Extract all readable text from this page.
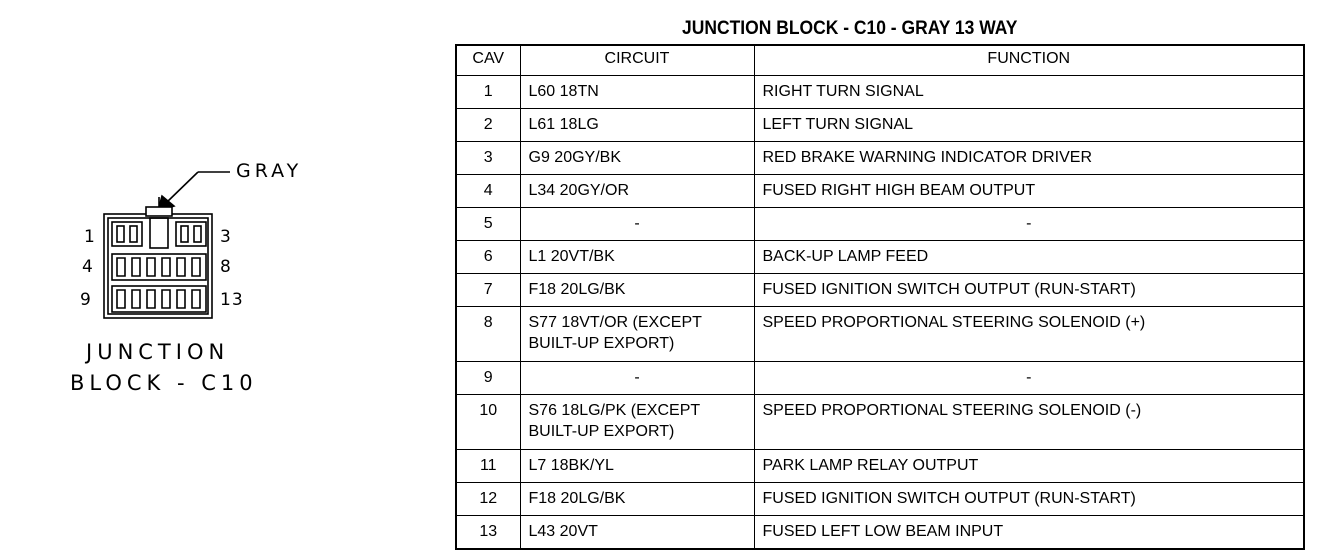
GRAY
1
4
9
3
8
13
JUNCTION
BLOCK - C10
JUNCTION BLOCK - C10 - GRAY 13 WAY
CAV	CIRCUIT	FUNCTION
1	L60 18TN	RIGHT TURN SIGNAL
2	L61 18LG	LEFT TURN SIGNAL
3	G9 20GY/BK	RED BRAKE WARNING INDICATOR DRIVER
4	L34 20GY/OR	FUSED RIGHT HIGH BEAM OUTPUT
5	-	-
6	L1 20VT/BK	BACK-UP LAMP FEED
7	F18 20LG/BK	FUSED IGNITION SWITCH OUTPUT (RUN-START)
8	S77 18VT/OR (EXCEPT
BUILT-UP EXPORT)	SPEED PROPORTIONAL STEERING SOLENOID (+)
9	-	-
10	S76 18LG/PK (EXCEPT
BUILT-UP EXPORT)	SPEED PROPORTIONAL STEERING SOLENOID (-)
11	L7 18BK/YL	PARK LAMP RELAY OUTPUT
12	F18 20LG/BK	FUSED IGNITION SWITCH OUTPUT (RUN-START)
13	L43 20VT	FUSED LEFT LOW BEAM INPUT
